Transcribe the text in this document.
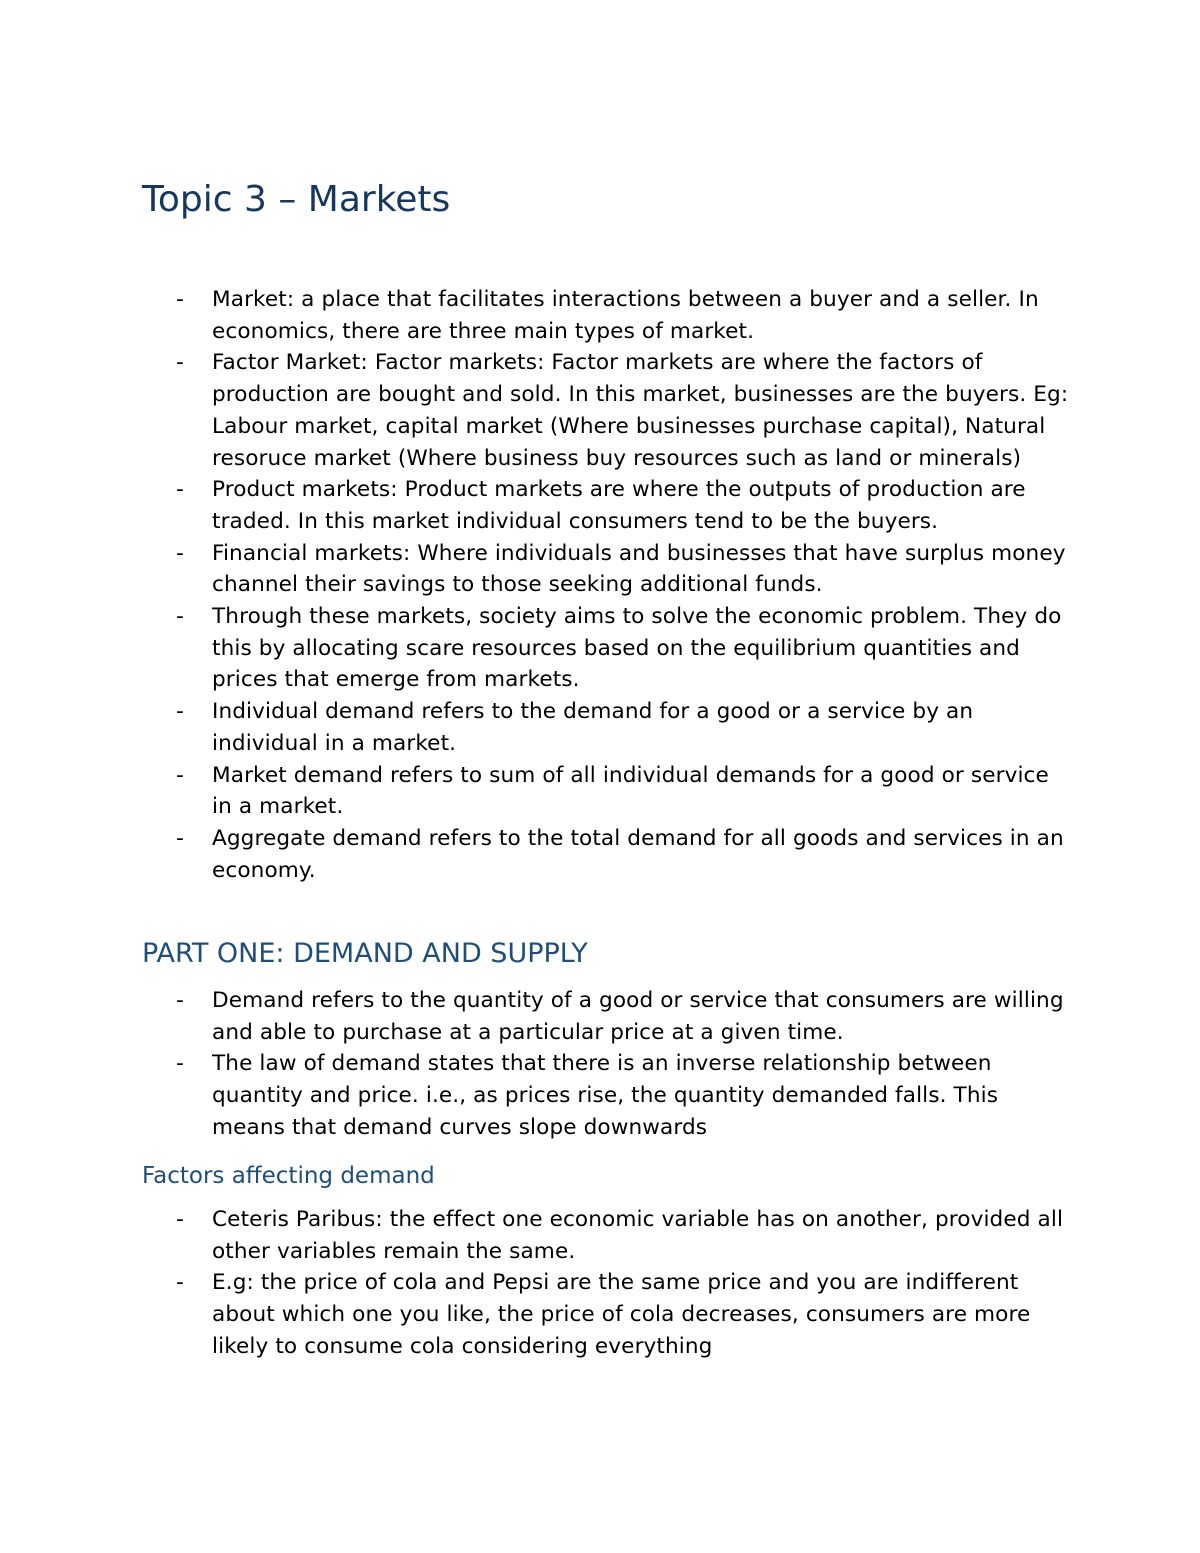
Topic 3 – Markets
- Market: a place that facilitates interactions between a buyer and a seller. In economics, there are three main types of market.
- Factor Market: Factor markets: Factor markets are where the factors of production are bought and sold. In this market, businesses are the buyers. Eg: Labour market, capital market (Where businesses purchase capital), Natural resoruce market (Where business buy resources such as land or minerals)
- Product markets: Product markets are where the outputs of production are traded. In this market individual consumers tend to be the buyers.
- Financial markets: Where individuals and businesses that have surplus money channel their savings to those seeking additional funds.
- Through these markets, society aims to solve the economic problem. They do this by allocating scare resources based on the equilibrium quantities and prices that emerge from markets.
- Individual demand refers to the demand for a good or a service by an individual in a market.
- Market demand refers to sum of all individual demands for a good or service in a market.
- Aggregate demand refers to the total demand for all goods and services in an economy.
PART ONE: DEMAND AND SUPPLY
- Demand refers to the quantity of a good or service that consumers are willing and able to purchase at a particular price at a given time.
- The law of demand states that there is an inverse relationship between quantity and price. i.e., as prices rise, the quantity demanded falls. This means that demand curves slope downwards
Factors affecting demand
- Ceteris Paribus: the effect one economic variable has on another, provided all other variables remain the same.
- E.g: the price of cola and Pepsi are the same price and you are indifferent about which one you like, the price of cola decreases, consumers are more likely to consume cola considering everything
